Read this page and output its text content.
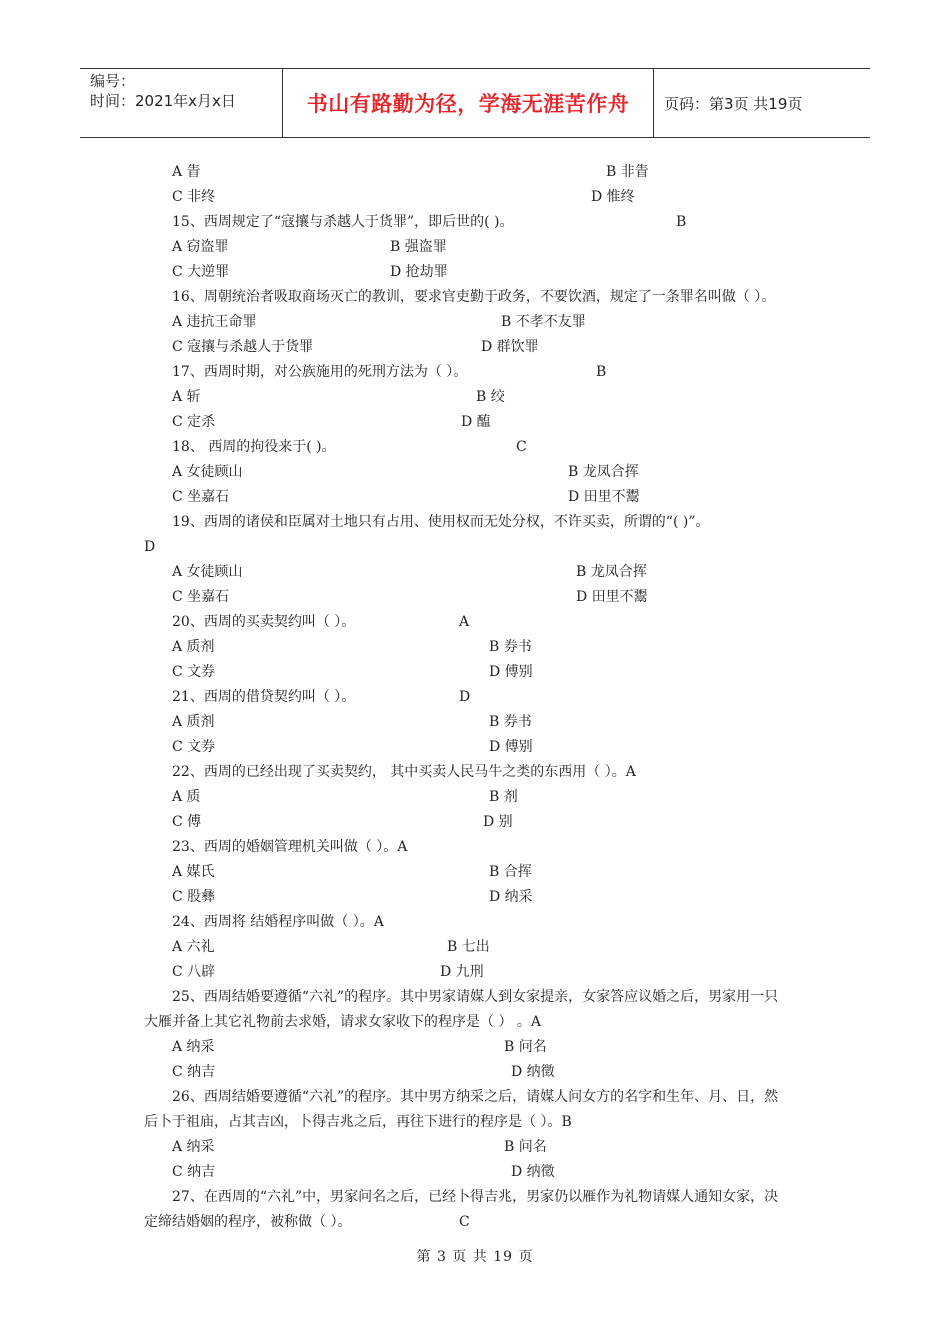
编号：
时间：2021年x月x日	书山有路勤为径，学海无涯苦作舟 页码：第3页 共19页
A 眚	B 非眚
C 非终	D 惟终
15、西周规定了“寇攘与杀越人于货罪”，即后世的( )。	B
A 窃盗罪	B 强盗罪
C 大逆罪	D 抢劫罪
16、周朝统治者吸取商场灭亡的教训，要求官吏勤于政务，不要饮酒，规定了一条罪名叫做（ ）。
A 违抗王命罪	B 不孝不友罪
C 寇攘与杀越人于货罪	D 群饮罪
17、西周时期，对公族施用的死刑方法为（ ）。	B
A 斩	B 绞
C 定杀	D 醢
18、 西周的拘役来于( )。	C
A 女徒顾山	B 龙凤合挥
C 坐嘉石	D 田里不鬻
19、西周的诸侯和臣属对土地只有占用、使用权而无处分权，不许买卖，所谓的“( )”。
D
A 女徒顾山	B 龙凤合挥
C 坐嘉石	D 田里不鬻
20、西周的买卖契约叫（ ）。	A
A 质剂	B 券书
C 文券	D 傅别
21、西周的借贷契约叫（ ）。	D
A 质剂	B 券书
C 文券	D 傅别
22、西周的已经出现了买卖契约， 其中买卖人民马牛之类的东西用（ ）。A
A 质	B 剂
C 傅	D 别
23、西周的婚姻管理机关叫做（ ）。A
A 媒氏	B 合挥
C 股彝	D 纳采
24、西周将 结婚程序叫做（ ）。A
A 六礼	B 七出
C 八辟	D 九刑
25、西周结婚要遵循“六礼”的程序。其中男家请媒人到女家提亲，女家答应议婚之后，男家用一只
大雁并备上其它礼物前去求婚，请求女家收下的程序是（ ） 。A
A 纳采	B 问名
C 纳吉	D 纳徵
26、西周结婚要遵循“六礼”的程序。其中男方纳采之后，请媒人问女方的名字和生年、月、日，然
后卜于祖庙，占其吉凶，卜得吉兆之后，再往下进行的程序是（ ）。B
A 纳采	B 问名
C 纳吉	D 纳徵
27、在西周的“六礼”中，男家问名之后，已经卜得吉兆，男家仍以雁作为礼物请媒人通知女家，决
定缔结婚姻的程序，被称做（ ）。	C
第 3 页 共 19 页
